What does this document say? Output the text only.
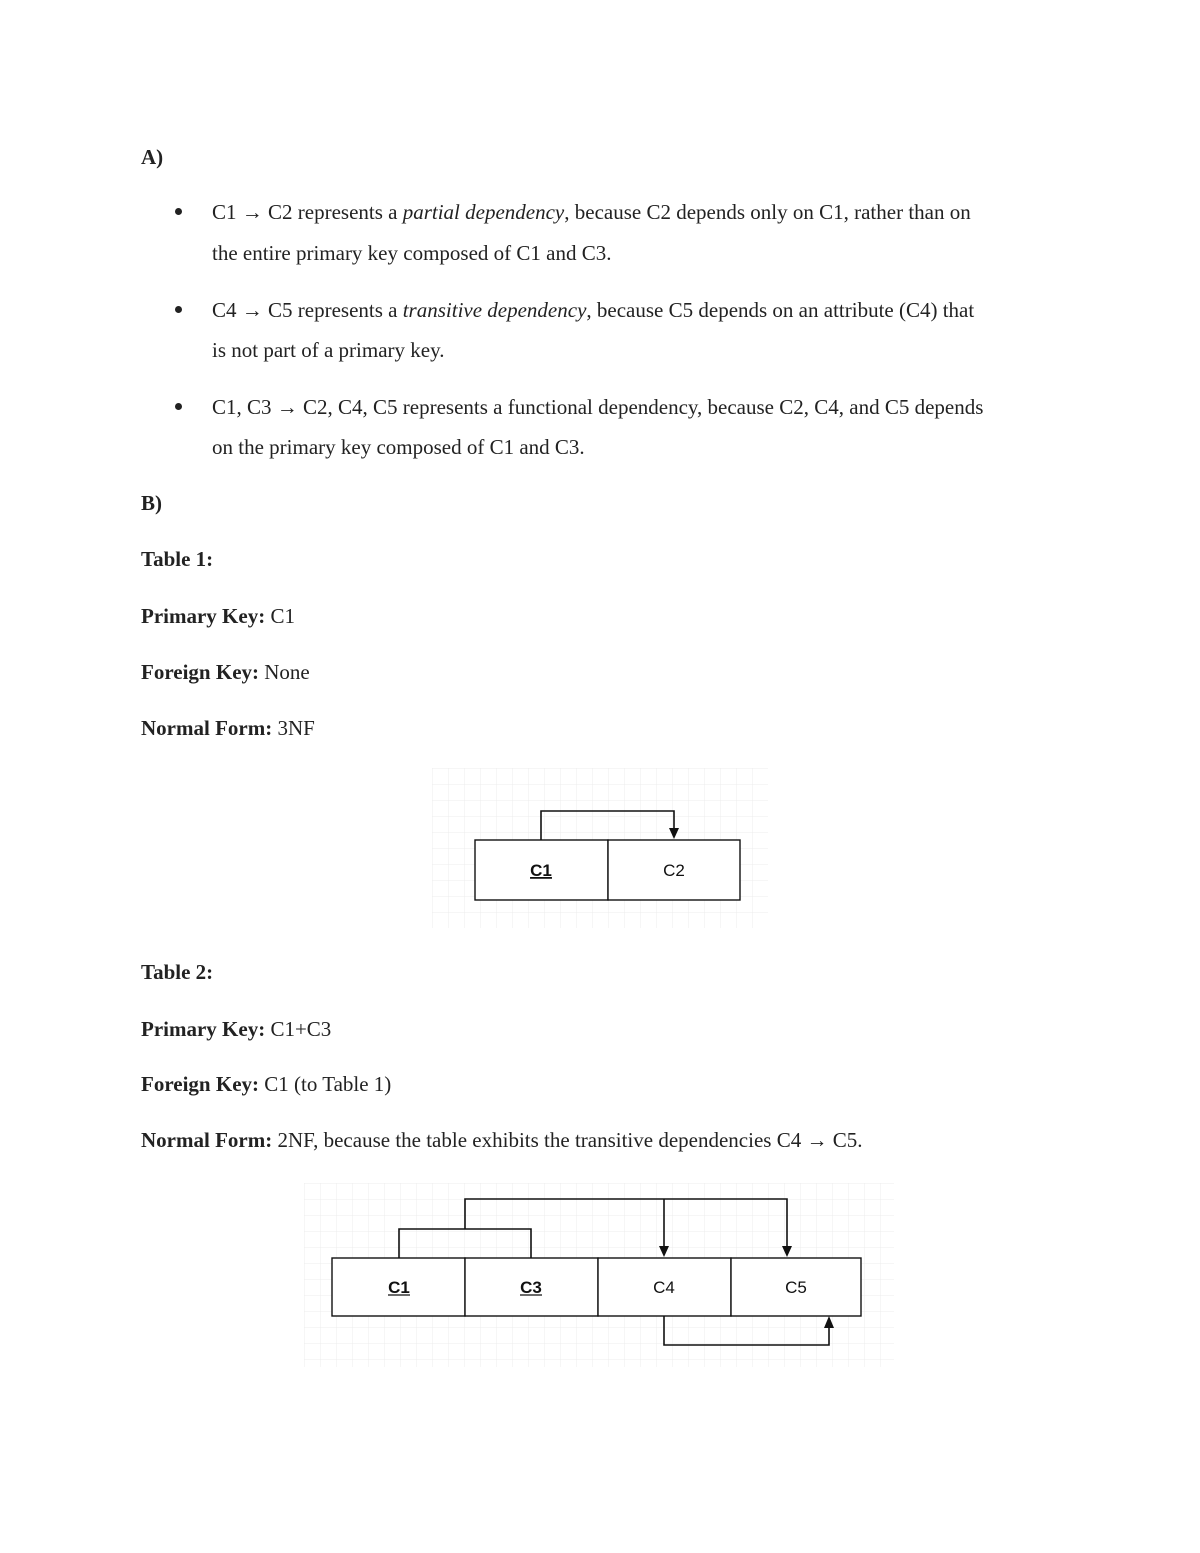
A)

C1 → C2 represents a partial dependency, because C2 depends only on C1, rather than on
the entire primary key composed of C1 and C3.
C4 → C5 represents a transitive dependency, because C5 depends on an attribute (C4) that
is not part of a primary key.
C1, C3 → C2, C4, C5 represents a functional dependency, because C2, C4, and C5 depends
on the primary key composed of C1 and C3.

B)

Table 1:

Primary Key: C1

Foreign Key: None

Normal Form: 3NF

C1	C2

Table 2:

Primary Key: C1+C3

Foreign Key: C1 (to Table 1)

Normal Form: 2NF, because the table exhibits the transitive dependencies C4 → C5.

C1	C3	C4	C5
